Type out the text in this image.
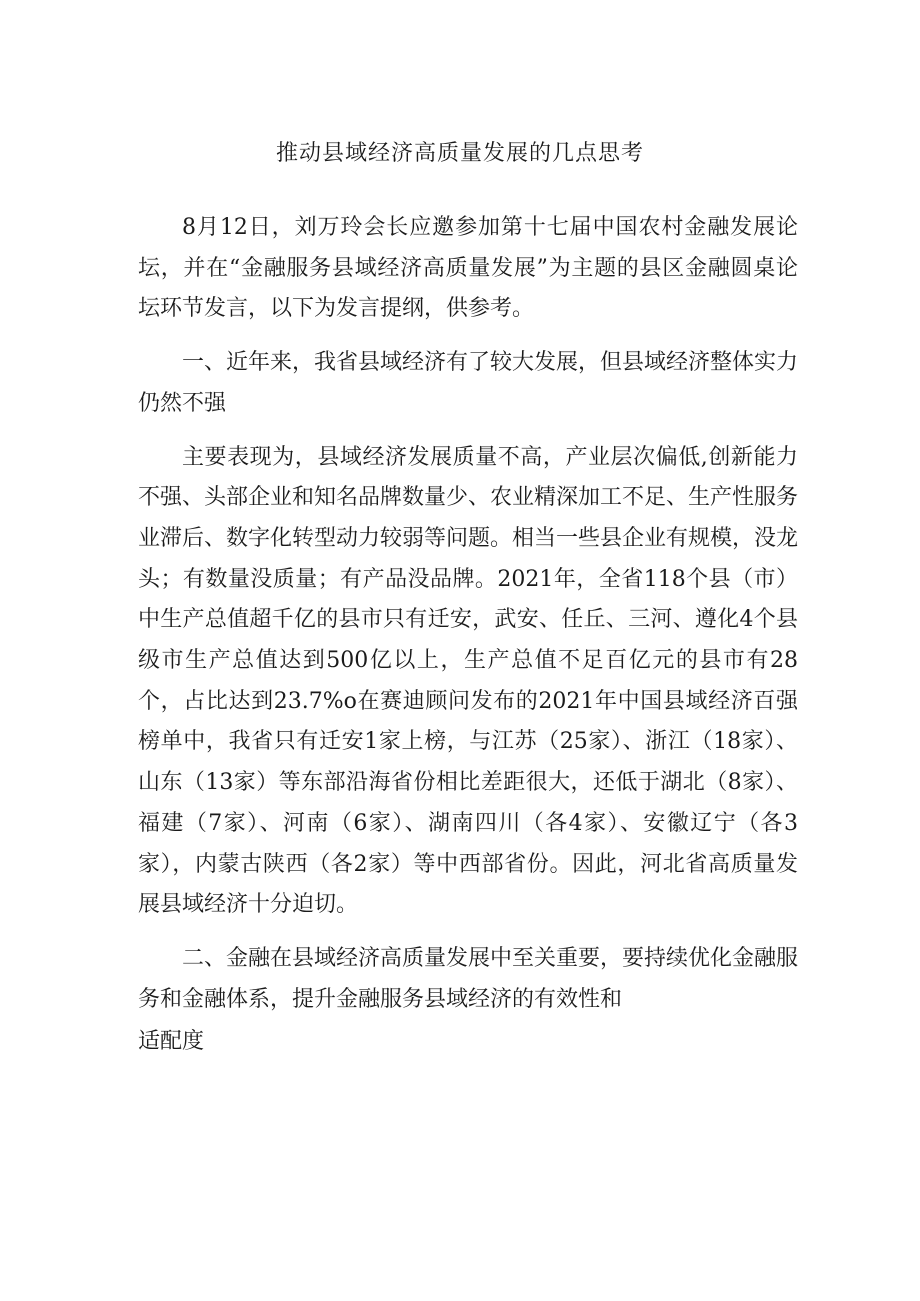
推动县域经济高质量发展的几点思考

8月12日，刘万玲会长应邀参加第十七届中国农村金融发展论坛，并在“金融服务县域经济高质量发展”为主题的县区金融圆桌论坛环节发言，以下为发言提纲，供参考。

一、近年来，我省县域经济有了较大发展，但县域经济整体实力仍然不强

主要表现为，县域经济发展质量不高，产业层次偏低,创新能力不强、头部企业和知名品牌数量少、农业精深加工不足、生产性服务业滞后、数字化转型动力较弱等问题。相当一些县企业有规模，没龙头；有数量没质量；有产品没品牌。2021年，全省118个县（市）中生产总值超千亿的县市只有迁安，武安、任丘、三河、遵化4个县级市生产总值达到500亿以上，生产总值不足百亿元的县市有28个，占比达到23.7%o在赛迪顾问发布的2021年中国县域经济百强榜单中，我省只有迁安1家上榜，与江苏（25家）、浙江（18家）、山东（13家）等东部沿海省份相比差距很大，还低于湖北（8家）、福建（7家）、河南（6家）、湖南四川（各4家）、安徽辽宁（各3家），内蒙古陕西（各2家）等中西部省份。因此，河北省高质量发展县域经济十分迫切。

二、金融在县域经济高质量发展中至关重要，要持续优化金融服务和金融体系，提升金融服务县域经济的有效性和

适配度
